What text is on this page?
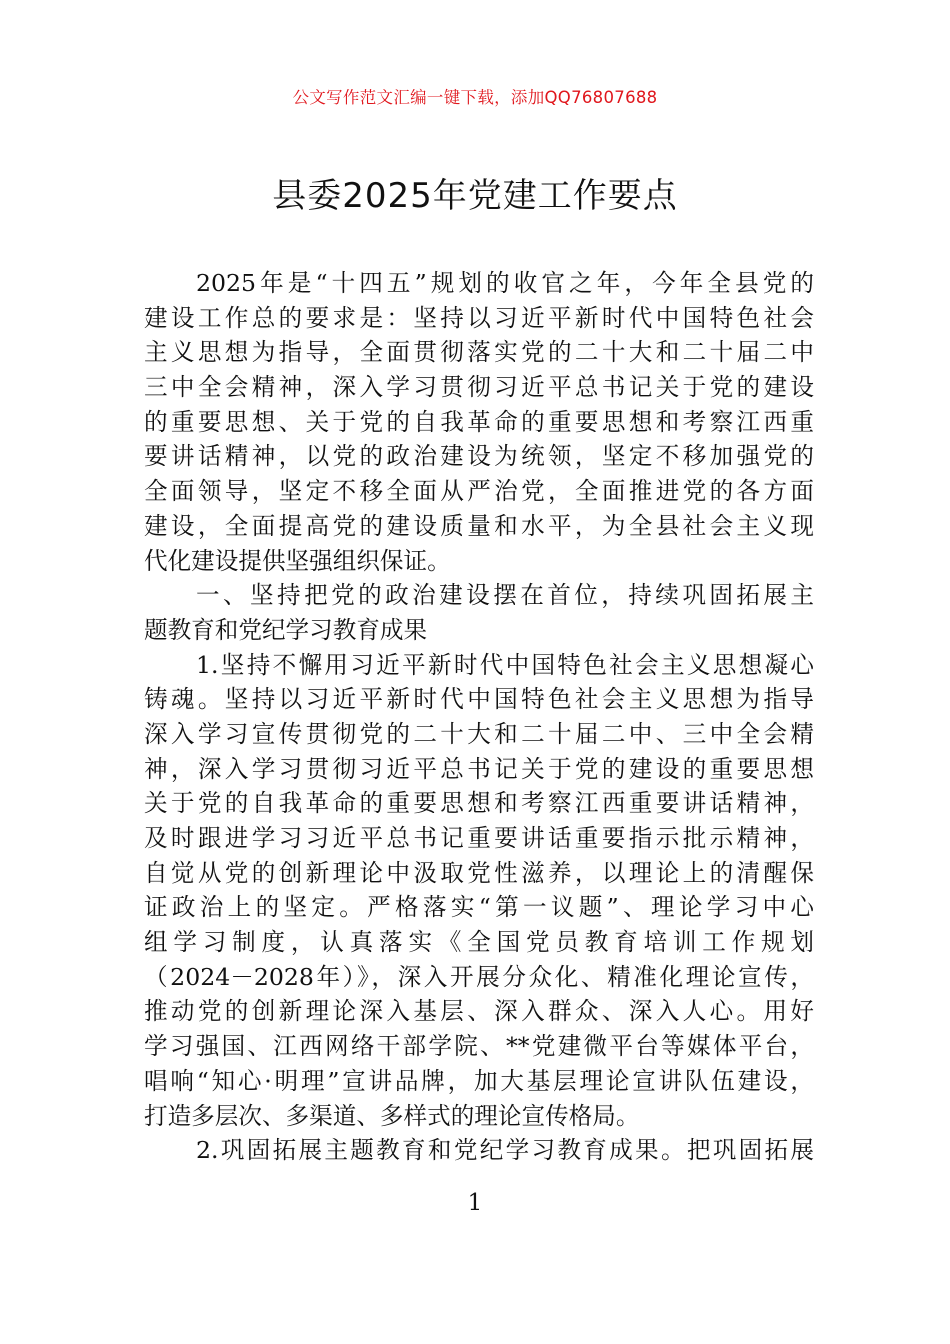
公文写作范文汇编一键下载，添加QQ76807688
县委2025年党建工作要点
2025年是“十四五”规划的收官之年，今年全县党的
建设工作总的要求是：坚持以习近平新时代中国特色社会
主义思想为指导，全面贯彻落实党的二十大和二十届二中
三中全会精神，深入学习贯彻习近平总书记关于党的建设
的重要思想、关于党的自我革命的重要思想和考察江西重
要讲话精神，以党的政治建设为统领，坚定不移加强党的
全面领导，坚定不移全面从严治党，全面推进党的各方面
建设，全面提高党的建设质量和水平，为全县社会主义现
代化建设提供坚强组织保证。
一、坚持把党的政治建设摆在首位，持续巩固拓展主
题教育和党纪学习教育成果
1.坚持不懈用习近平新时代中国特色社会主义思想凝心
铸魂。坚持以习近平新时代中国特色社会主义思想为指导
深入学习宣传贯彻党的二十大和二十届二中、三中全会精
神，深入学习贯彻习近平总书记关于党的建设的重要思想
关于党的自我革命的重要思想和考察江西重要讲话精神，
及时跟进学习习近平总书记重要讲话重要指示批示精神，
自觉从党的创新理论中汲取党性滋养，以理论上的清醒保
证政治上的坚定。严格落实“第一议题”、理论学习中心
组学习制度，认真落实《全国党员教育培训工作规划
（2024－2028年）》，深入开展分众化、精准化理论宣传，
推动党的创新理论深入基层、深入群众、深入人心。用好
学习强国、江西网络干部学院、**党建微平台等媒体平台，
唱响“知心·明理”宣讲品牌，加大基层理论宣讲队伍建设，
打造多层次、多渠道、多样式的理论宣传格局。
2.巩固拓展主题教育和党纪学习教育成果。把巩固拓展
1
